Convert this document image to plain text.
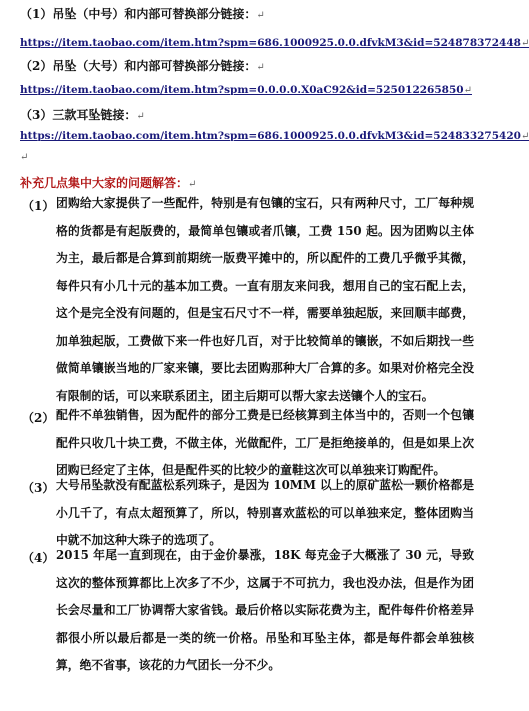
（1）吊坠（中号）和内部可替换部分链接：↵
https://item.taobao.com/item.htm?spm=686.1000925.0.0.dfvkM3&id=524878372448↵
（2）吊坠（大号）和内部可替换部分链接：↵
https://item.taobao.com/item.htm?spm=0.0.0.0.X0aC92&id=525012265850↵
（3）三款耳坠链接：↵
https://item.taobao.com/item.htm?spm=686.1000925.0.0.dfvkM3&id=524833275420↵
↵
补充几点集中大家的问题解答：↵
（1） 团购给大家提供了一些配件，特别是有包镶的宝石，只有两种尺寸，工厂每种规格的货都是有起版费的，最简单包镶或者爪镶，工费 150 起。因为团购以主体为主，最后都是合算到前期统一版费平摊中的，所以配件的工费几乎微乎其微，每件只有小几十元的基本加工费。一直有朋友来问我，想用自己的宝石配上去，这个是完全没有问题的，但是宝石尺寸不一样，需要单独起版，来回顺丰邮费，加单独起版，工费做下来一件也好几百，对于比较简单的镶嵌，不如后期找一些做简单镶嵌当地的厂家来镶，要比去团购那种大厂合算的多。如果对价格完全没有限制的话，可以来联系团主，团主后期可以帮大家去送镶个人的宝石。
（2） 配件不单独销售，因为配件的部分工费是已经核算到主体当中的，否则一个包镶配件只收几十块工费，不做主体，光做配件，工厂是拒绝接单的，但是如果上次团购已经定了主体，但是配件买的比较少的童鞋这次可以单独来订购配件。
（3） 大号吊坠款没有配蓝松系列珠子，是因为 10MM 以上的原矿蓝松一颗价格都是小几千了，有点太超预算了，所以，特别喜欢蓝松的可以单独来定，整体团购当中就不加这种大珠子的选项了。
（4） 2015 年尾一直到现在，由于金价暴涨，18K 每克金子大概涨了 30 元，导致这次的整体预算都比上次多了不少，这属于不可抗力，我也没办法，但是作为团长会尽量和工厂协调帮大家省钱。最后价格以实际花费为主，配件每件价格差异都很小所以最后都是一类的统一价格。吊坠和耳坠主体，都是每件都会单独核算，绝不省事，该花的力气团长一分不少。
